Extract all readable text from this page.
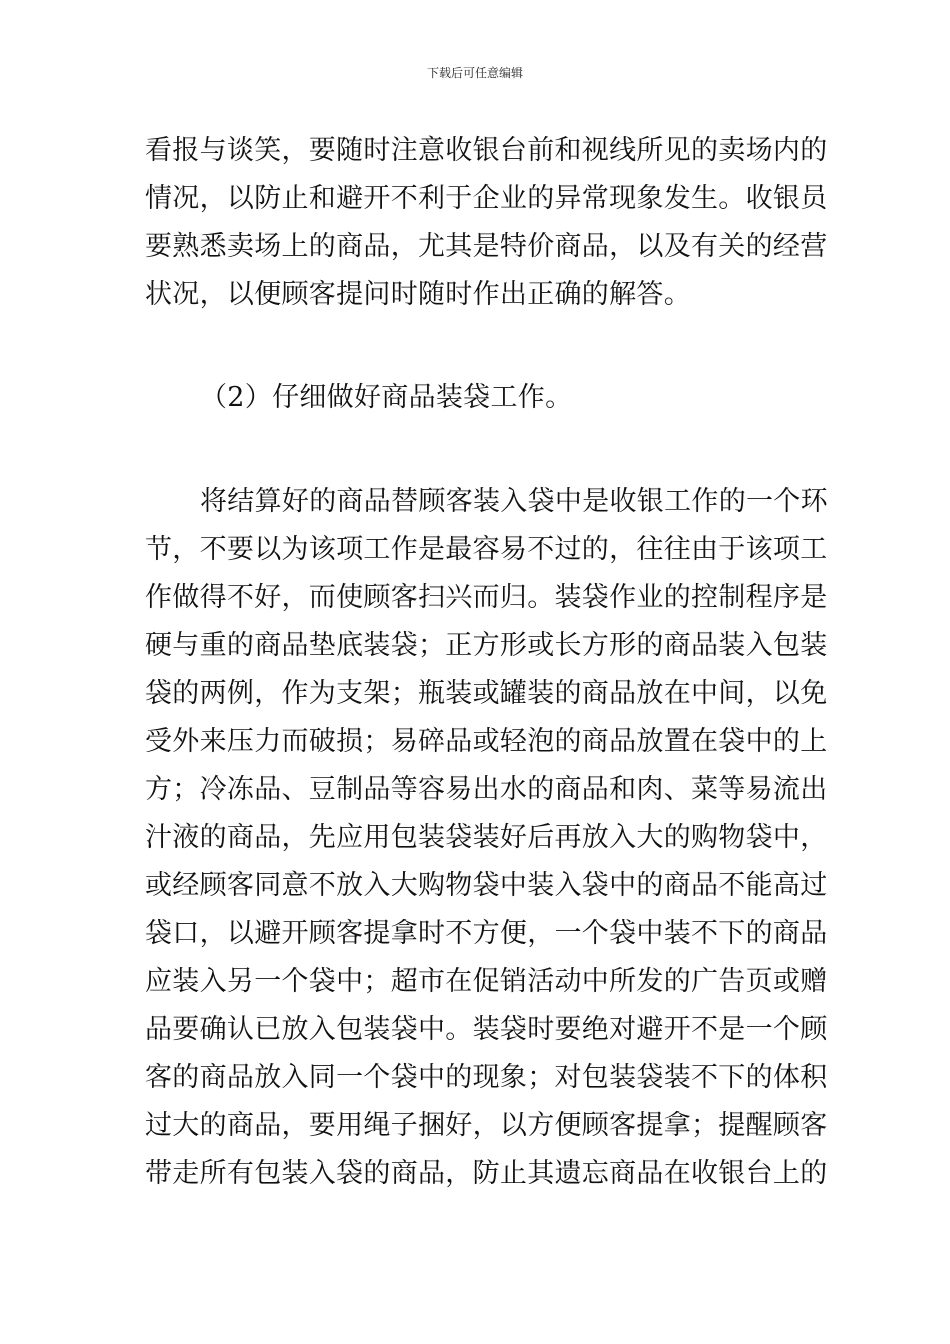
下载后可任意编辑
看报与谈笑，要随时注意收银台前和视线所见的卖场内的
情况，以防止和避开不利于企业的异常现象发生。收银员
要熟悉卖场上的商品，尤其是特价商品，以及有关的经营
状况，以便顾客提问时随时作出正确的解答。
（2）仔细做好商品装袋工作。
将结算好的商品替顾客装入袋中是收银工作的一个环
节，不要以为该项工作是最容易不过的，往往由于该项工
作做得不好，而使顾客扫兴而归。装袋作业的控制程序是
硬与重的商品垫底装袋；正方形或长方形的商品装入包装
袋的两例，作为支架；瓶装或罐装的商品放在中间，以免
受外来压力而破损；易碎品或轻泡的商品放置在袋中的上
方；冷冻品、豆制品等容易出水的商品和肉、菜等易流出
汁液的商品，先应用包装袋装好后再放入大的购物袋中，
或经顾客同意不放入大购物袋中装入袋中的商品不能高过
袋口，以避开顾客提拿时不方便，一个袋中装不下的商品
应装入另一个袋中；超市在促销活动中所发的广告页或赠
品要确认已放入包装袋中。装袋时要绝对避开不是一个顾
客的商品放入同一个袋中的现象；对包装袋装不下的体积
过大的商品，要用绳子捆好，以方便顾客提拿；提醒顾客
带走所有包装入袋的商品，防止其遗忘商品在收银台上的
